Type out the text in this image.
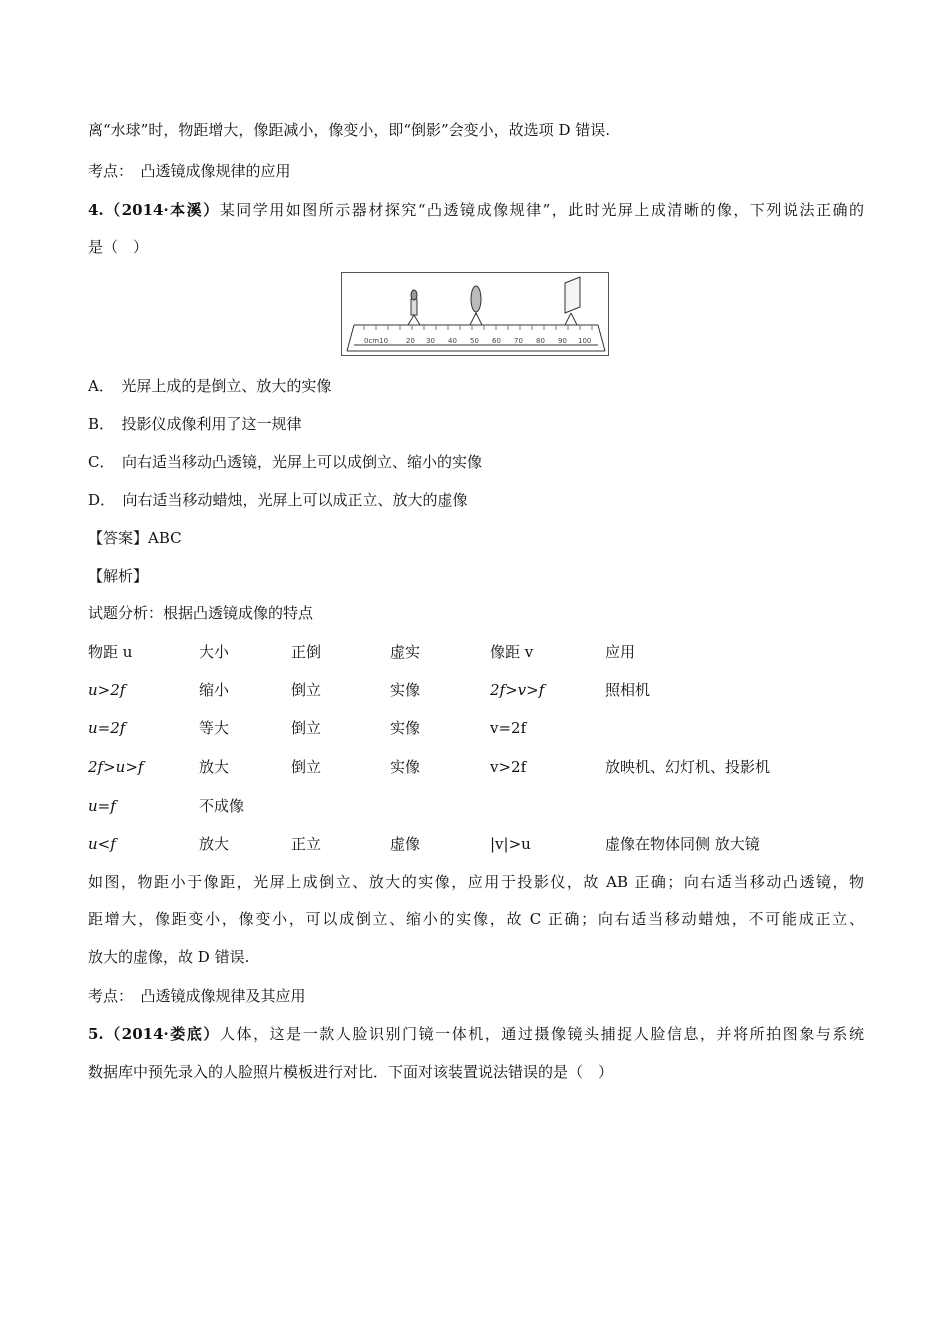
离“水球”时，物距增大，像距减小，像变小，即“倒影”会变小，故选项 D 错误.
考点：　凸透镜成像规律的应用
4.（2014·本溪）某同学用如图所示器材探究“凸透镜成像规律”，此时光屏上成清晰的像，下列说法正确的
是（　）
0cm10	20 30 40 50 60 70 80 90 100
A．　光屏上成的是倒立、放大的实像
B．　投影仪成像利用了这一规律
C．　向右适当移动凸透镜，光屏上可以成倒立、缩小的实像
D．　向右适当移动蜡烛，光屏上可以成正立、放大的虚像
【答案】ABC
【解析】
试题分析：根据凸透镜成像的特点
物距 u	大小	正倒	虚实	像距 v	应用
u>2f	缩小	倒立	实像	2f>v>f	照相机
u=2f	等大	倒立	实像	v=2f
2f>u>f	放大	倒立	实像	v>2f	放映机、幻灯机、投影机
u=f	不成像
u<f	放大	正立	虚像	|v|>u	虚像在物体同侧 放大镜
如图，物距小于像距，光屏上成倒立、放大的实像，应用于投影仪，故 AB 正确；向右适当移动凸透镜，物
距增大，像距变小，像变小，可以成倒立、缩小的实像，故 C 正确；向右适当移动蜡烛，不可能成正立、
放大的虚像，故 D 错误.
考点：　凸透镜成像规律及其应用
5.（2014·娄底）人体，这是一款人脸识别门镜一体机，通过摄像镜头捕捉人脸信息，并将所拍图象与系统
数据库中预先录入的人脸照片模板进行对比．下面对该装置说法错误的是（　）
